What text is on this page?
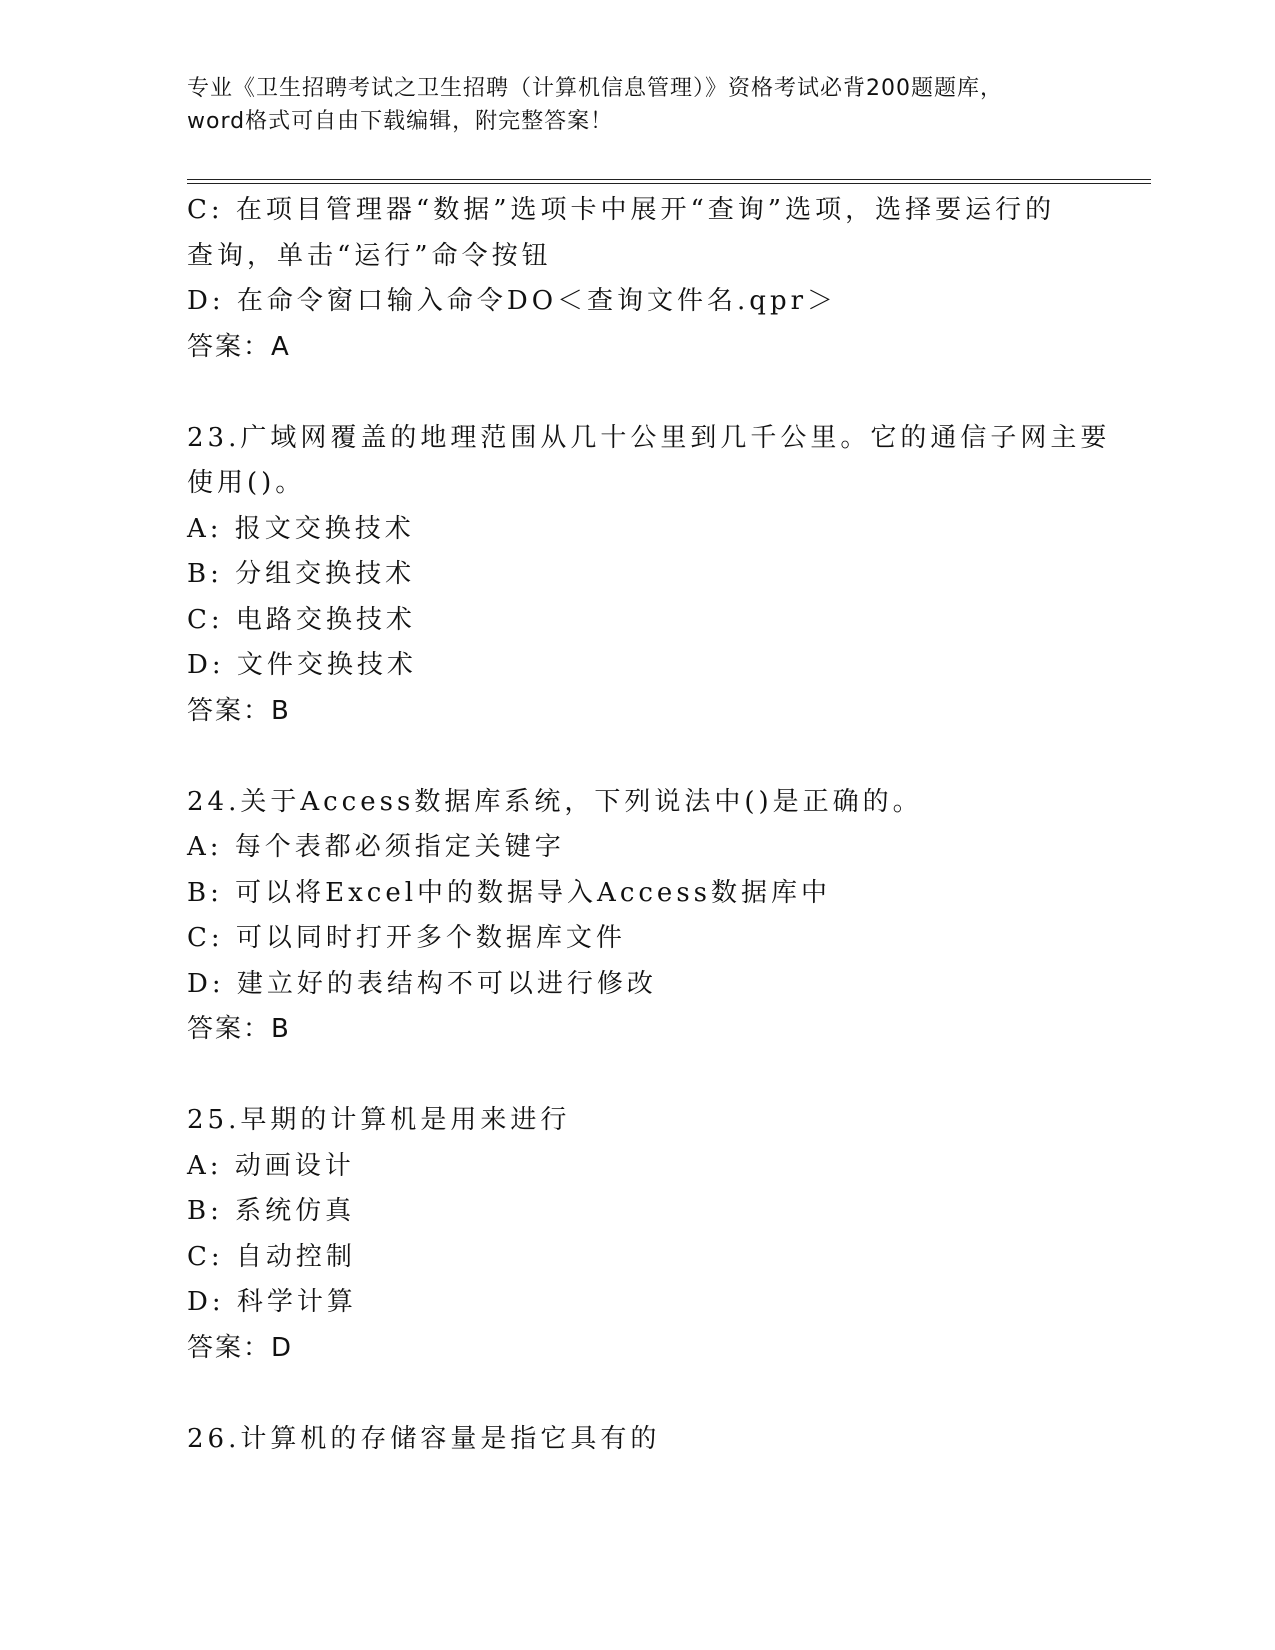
专业《卫生招聘考试之卫生招聘（计算机信息管理）》资格考试必背200题题库，
word格式可自由下载编辑，附完整答案！
C: 在项目管理器“数据”选项卡中展开“查询”选项，选择要运行的
查询，单击“运行”命令按钮
D: 在命令窗口输入命令DO＜查询文件名.qpr＞
答案：A
23.广域网覆盖的地理范围从几十公里到几千公里。它的通信子网主要
使用()。
A: 报文交换技术
B: 分组交换技术
C: 电路交换技术
D: 文件交换技术
答案：B
24.关于Access数据库系统，下列说法中()是正确的。
A: 每个表都必须指定关键字
B: 可以将Excel中的数据导入Access数据库中
C: 可以同时打开多个数据库文件
D: 建立好的表结构不可以进行修改
答案：B
25.早期的计算机是用来进行
A: 动画设计
B: 系统仿真
C: 自动控制
D: 科学计算
答案：D
26.计算机的存储容量是指它具有的
